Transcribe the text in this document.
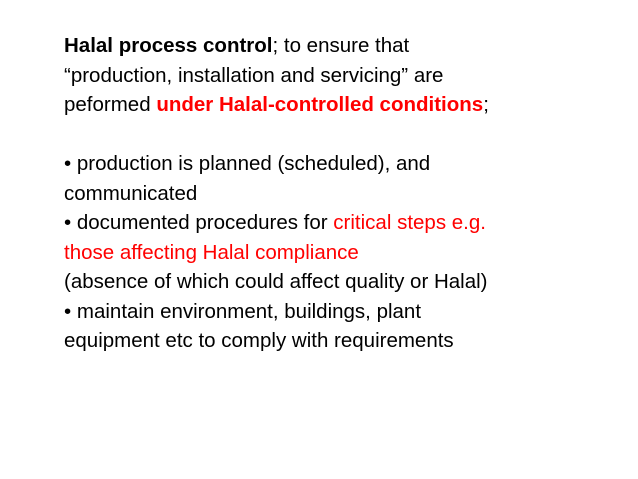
Halal process control; to ensure that
“production, installation and servicing” are
peformed under Halal-controlled conditions;
• production is planned (scheduled), and
communicated
• documented procedures for critical steps e.g.
those affecting Halal compliance
(absence of which could affect quality or Halal)
• maintain environment, buildings, plant
equipment etc to comply with requirements
